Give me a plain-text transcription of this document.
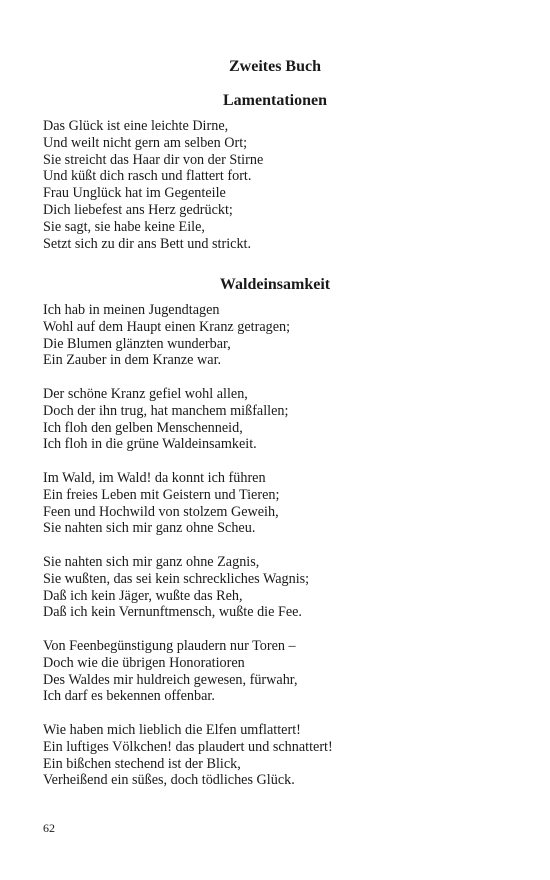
Zweites Buch
Lamentationen
Das Glück ist eine leichte Dirne,
Und weilt nicht gern am selben Ort;
Sie streicht das Haar dir von der Stirne
Und küßt dich rasch und flattert fort.
Frau Unglück hat im Gegenteile
Dich liebefest ans Herz gedrückt;
Sie sagt, sie habe keine Eile,
Setzt sich zu dir ans Bett und strickt.
Waldeinsamkeit
Ich hab in meinen Jugendtagen
Wohl auf dem Haupt einen Kranz getragen;
Die Blumen glänzten wunderbar,
Ein Zauber in dem Kranze war.
Der schöne Kranz gefiel wohl allen,
Doch der ihn trug, hat manchem mißfallen;
Ich floh den gelben Menschenneid,
Ich floh in die grüne Waldeinsamkeit.
Im Wald, im Wald! da konnt ich führen
Ein freies Leben mit Geistern und Tieren;
Feen und Hochwild von stolzem Geweih,
Sie nahten sich mir ganz ohne Scheu.
Sie nahten sich mir ganz ohne Zagnis,
Sie wußten, das sei kein schreckliches Wagnis;
Daß ich kein Jäger, wußte das Reh,
Daß ich kein Vernunftmensch, wußte die Fee.
Von Feenbegünstigung plaudern nur Toren –
Doch wie die übrigen Honoratioren
Des Waldes mir huldreich gewesen, fürwahr,
Ich darf es bekennen offenbar.
Wie haben mich lieblich die Elfen umflattert!
Ein luftiges Völkchen! das plaudert und schnattert!
Ein bißchen stechend ist der Blick,
Verheißend ein süßes, doch tödliches Glück.
62
